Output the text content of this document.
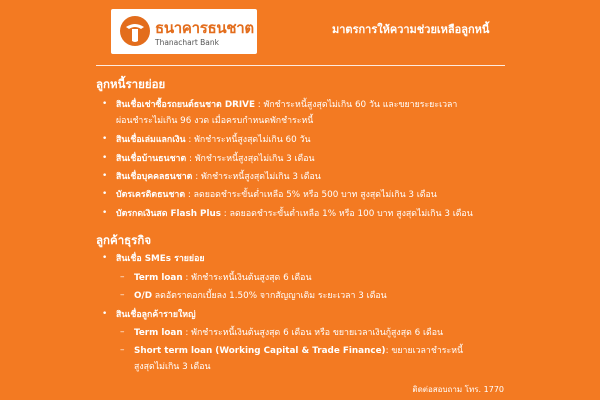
ธนาคารธนชาต
Thanachart Bank
มาตรการให้ความช่วยเหลือลูกหนี้
ลูกหนี้รายย่อย
• สินเชื่อเช่าซื้อรถยนต์ธนชาต DRIVE : พักชำระหนี้สูงสุดไม่เกิน 60 วัน และขยายระยะเวลา
ผ่อนชำระไม่เกิน 96 งวด เมื่อครบกำหนดพักชำระหนี้
• สินเชื่อเล่มแลกเงิน : พักชำระหนี้สูงสุดไม่เกิน 60 วัน
• สินเชื่อบ้านธนชาต : พักชำระหนี้สูงสุดไม่เกิน 3 เดือน
• สินเชื่อบุคคลธนชาต : พักชำระหนี้สูงสุดไม่เกิน 3 เดือน
• บัตรเครดิตธนชาต : ลดยอดชำระขั้นต่ำเหลือ 5% หรือ 500 บาท สูงสุดไม่เกิน 3 เดือน
• บัตรกดเงินสด Flash Plus : ลดยอดชำระขั้นต่ำเหลือ 1% หรือ 100 บาท สูงสุดไม่เกิน 3 เดือน
ลูกค้าธุรกิจ
• สินเชื่อ SMEs รายย่อย
– Term loan : พักชำระหนี้เงินต้นสูงสุด 6 เดือน
– O/D ลดอัตราดอกเบี้ยลง 1.50% จากสัญญาเดิม ระยะเวลา 3 เดือน
• สินเชื่อลูกค้ารายใหญ่
– Term loan : พักชำระหนี้เงินต้นสูงสุด 6 เดือน หรือ ขยายเวลาเงินกู้สูงสุด 6 เดือน
– Short term loan (Working Capital & Trade Finance): ขยายเวลาชำระหนี้
สูงสุดไม่เกิน 3 เดือน
ติดต่อสอบถาม โทร. 1770
